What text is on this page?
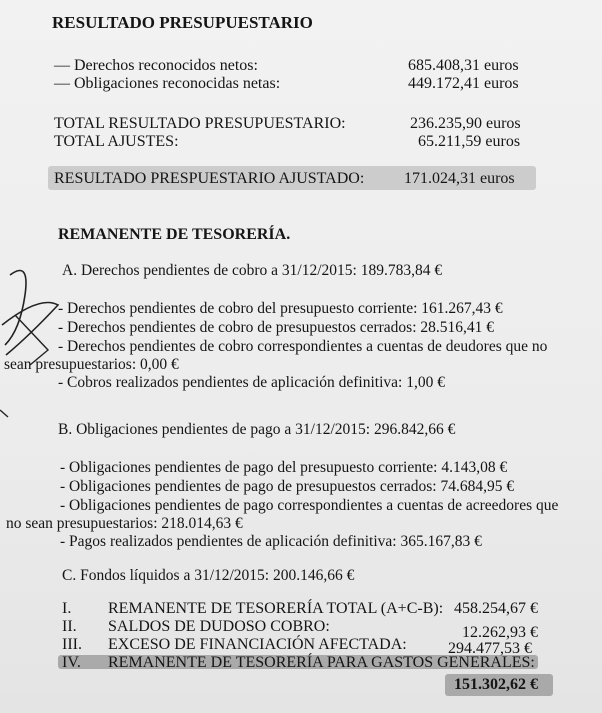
RESULTADO PRESUPUESTARIO
— Derechos reconocidos netos:	685.408,31 euros
— Obligaciones reconocidas netas:	449.172,41 euros
TOTAL RESULTADO PRESUPUESTARIO:	236.235,90 euros
TOTAL AJUSTES:	65.211,59 euros
RESULTADO PRESPUESTARIO AJUSTADO: 171.024,31 euros
REMANENTE DE TESORERÍA.
A. Derechos pendientes de cobro a 31/12/2015: 189.783,84 €
- Derechos pendientes de cobro del presupuesto corriente: 161.267,43 €
- Derechos pendientes de cobro de presupuestos cerrados: 28.516,41 €
- Derechos pendientes de cobro correspondientes a cuentas de deudores que no
sean presupuestarios: 0,00 €
- Cobros realizados pendientes de aplicación definitiva: 1,00 €
B. Obligaciones pendientes de pago a 31/12/2015: 296.842,66 €
- Obligaciones pendientes de pago del presupuesto corriente: 4.143,08 €
- Obligaciones pendientes de pago de presupuestos cerrados: 74.684,95 €
- Obligaciones pendientes de pago correspondientes a cuentas de acreedores que
no sean presupuestarios: 218.014,63 €
- Pagos realizados pendientes de aplicación definitiva: 365.167,83 €
C. Fondos líquidos a 31/12/2015: 200.146,66 €
I. REMANENTE DE TESORERÍA TOTAL (A+C-B): 458.254,67 €
II. SALDOS DE DUDOSO COBRO:	12.262,93 €
III. EXCESO DE FINANCIACIÓN AFECTADA:	294.477,53 €
IV. REMANENTE DE TESORERÍA PARA GASTOS GENERALES:
151.302,62 €
